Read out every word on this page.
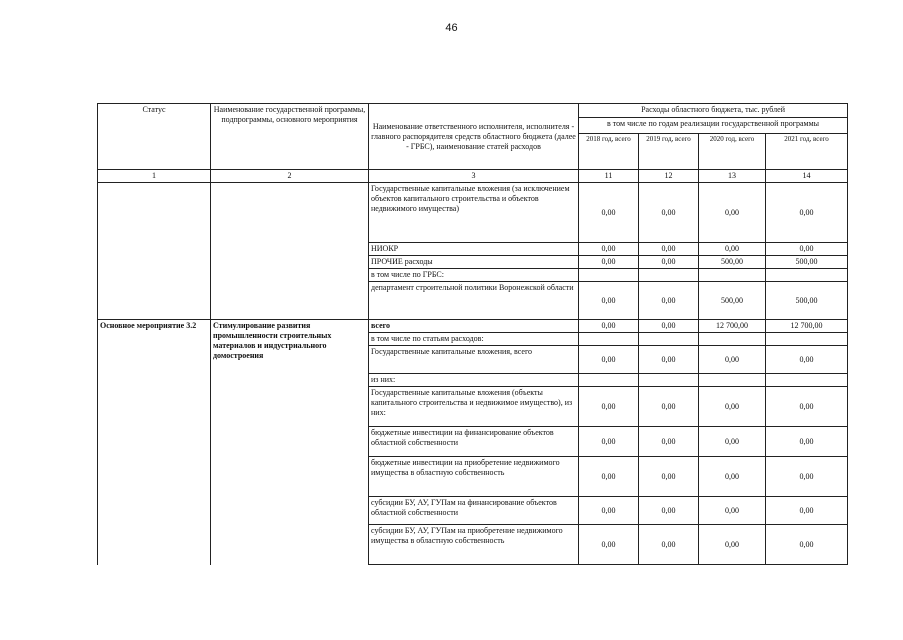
46
Статус	Наименование государственной программы, подпрограммы, основного мероприятия	Наименование ответственного исполнителя, исполнителя - главного распорядителя средств областного бюджета (далее - ГРБС), наименование статей расходов	Расходы областного бюджета, тыс. рублей			
			в том числе по годам реализации государственной программы			
			2018 год, всего	2019 год, всего	2020 год, всего	2021 год, всего
1	2	3	11	12	13	14
		Государственные капитальные вложения (за исключением объектов капитального строительства и объектов недвижимого имущества)	0,00	0,00	0,00	0,00
		НИОКР	0,00	0,00	0,00	0,00
		ПРОЧИЕ расходы	0,00	0,00	500,00	500,00
		в том числе по ГРБС:				
		департамент строительной политики Воронежской области	0,00	0,00	500,00	500,00
Основное мероприятие 3.2	Стимулирование развития промышленности строительных материалов и индустриального домостроения	всего	0,00	0,00	12 700,00	12 700,00
		в том числе по статьям расходов:				
		Государственные капитальные вложения, всего	0,00	0,00	0,00	0,00
		из них:				
		Государственные капитальные вложения (объекты капитального строительства и недвижимое имущество), из них:	0,00	0,00	0,00	0,00
		бюджетные инвестиции на финансирование объектов областной собственности	0,00	0,00	0,00	0,00
		бюджетные инвестиции на приобретение недвижимого имущества в областную собственность	0,00	0,00	0,00	0,00
		субсидии БУ, АУ, ГУПам на финансирование объектов областной собственности	0,00	0,00	0,00	0,00
		субсидии БУ, АУ, ГУПам на приобретение недвижимого имущества в областную собственность	0,00	0,00	0,00	0,00
